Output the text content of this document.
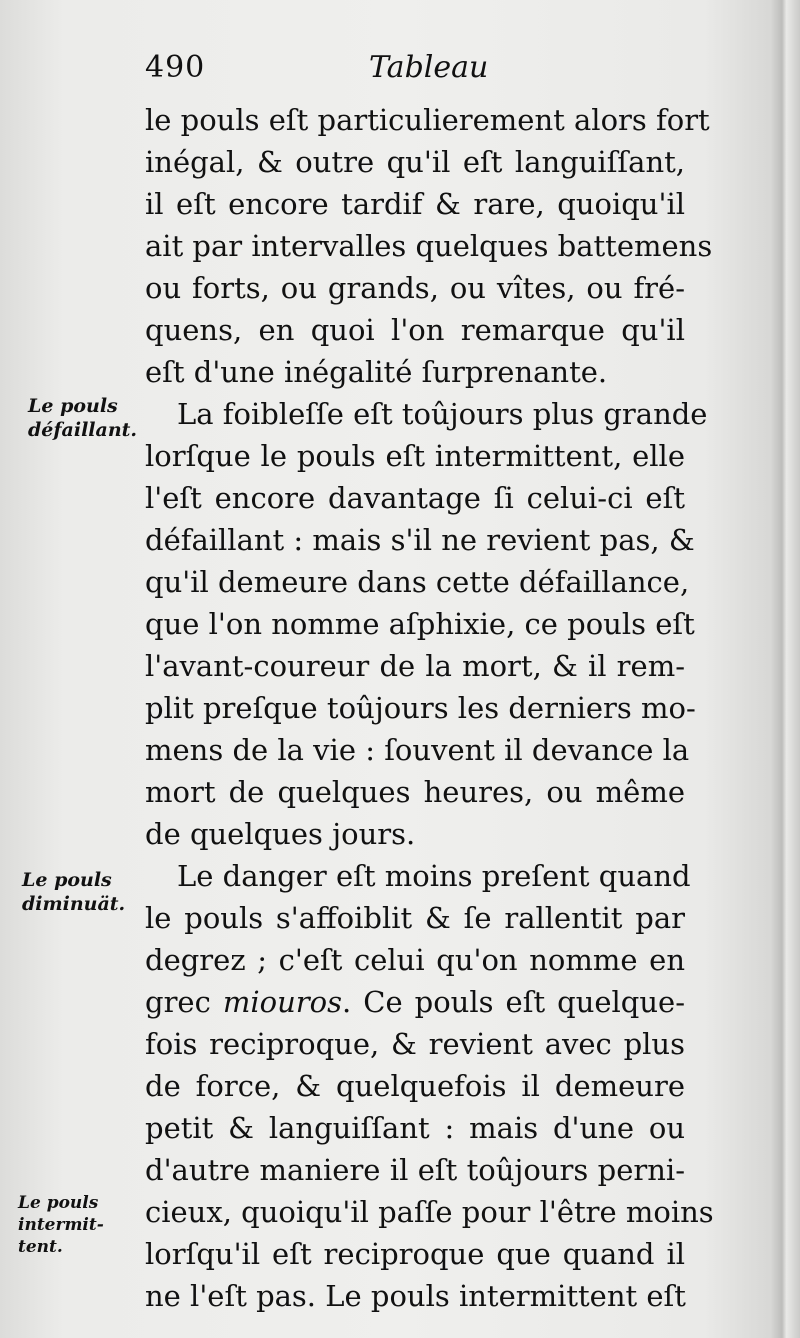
490	Tableau
Le pouls
défaillant.
Le pouls
diminuät.
Le pouls
intermit-
tent.
le pouls eſt particulierement alors fort
inégal, & outre qu'il eſt languiſſant,
il eſt encore tardif & rare, quoiqu'il
ait par intervalles quelques battemens
ou forts, ou grands, ou vîtes, ou fré-
quens, en quoi l'on remarque qu'il
eſt d'une inégalité ſurprenante.
La foibleſſe eſt toûjours plus grande
lorſque le pouls eſt intermittent, elle
l'eſt encore davantage ſi celui-ci eſt
défaillant : mais s'il ne revient pas, &
qu'il demeure dans cette défaillance,
que l'on nomme aſphixie, ce pouls eſt
l'avant-coureur de la mort, & il rem-
plit preſque toûjours les derniers mo-
mens de la vie : ſouvent il devance la
mort de quelques heures, ou même
de quelques jours.
Le danger eſt moins preſent quand
le pouls s'affoiblit & ſe rallentit par
degrez ; c'eſt celui qu'on nomme en
grec miouros. Ce pouls eſt quelque-
fois reciproque, & revient avec plus
de force, & quelquefois il demeure
petit & languiſſant : mais d'une ou
d'autre maniere il eſt toûjours perni-
cieux, quoiqu'il paſſe pour l'être moins
lorſqu'il eſt reciproque que quand il
ne l'eſt pas. Le pouls intermittent eſt
